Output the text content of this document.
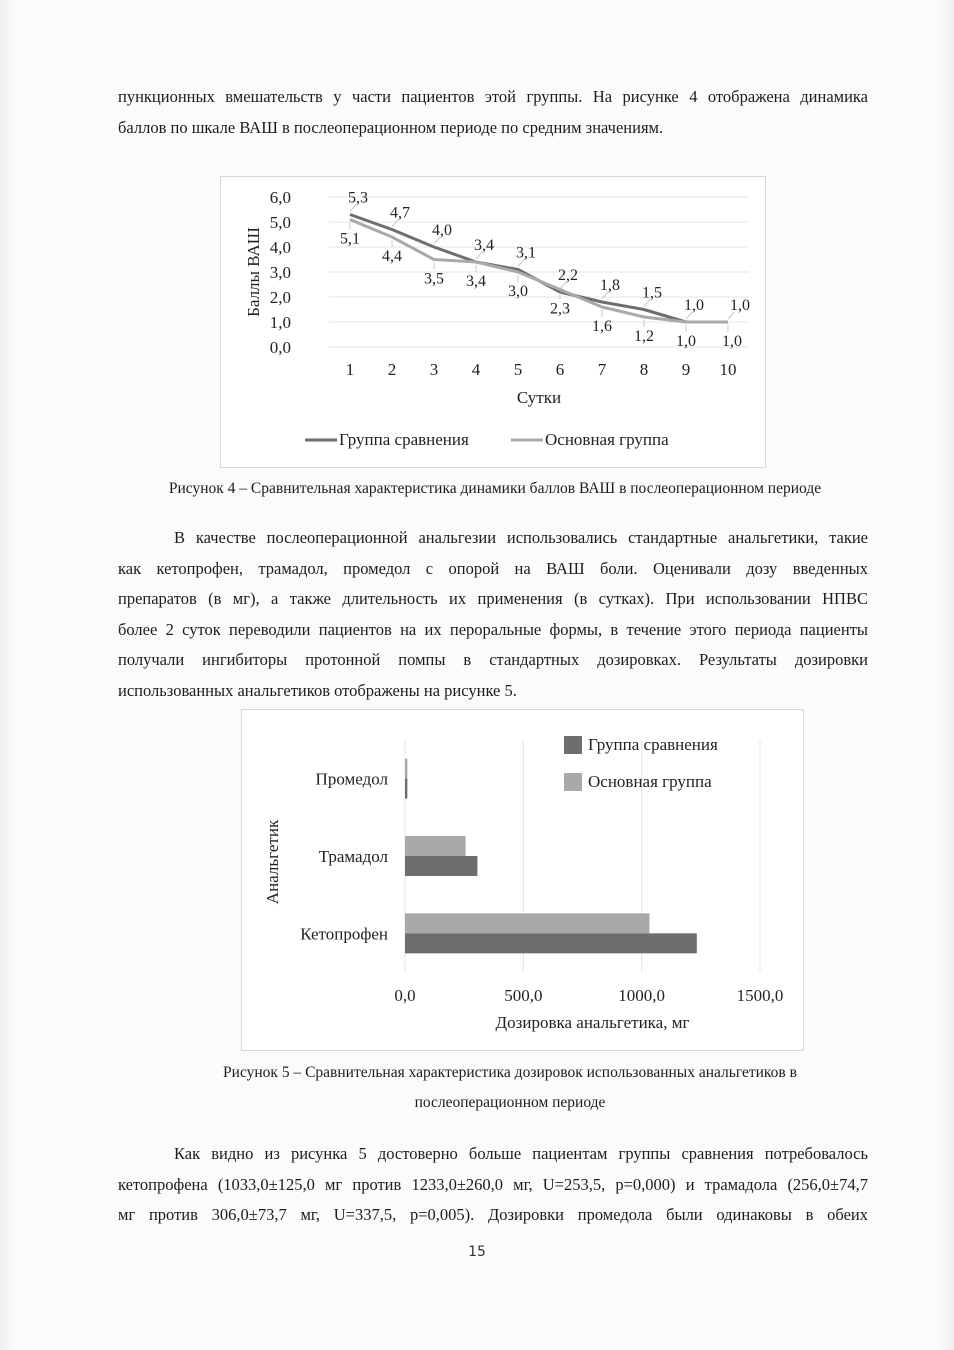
пункционных вмешательств у части пациентов этой группы. На рисунке 4 отображена динамика
баллов по шкале ВАШ в послеоперационном периоде по средним значениям.
0,0
1,0
2,0
3,0
4,0
5,0
6,0
1 2 3 4 5 6 7 8 9 10
Сутки
Баллы ВАШ
5,3
4,7
4,0
3,4 3,1
2,2
1,8 1,5
1,0 1,0
5,1
4,4
3,5 3,4
3,0
2,3
1,6
1,2 1,0 1,0
Группа сравнения	Основная группа
Рисунок 4 – Сравнительная характеристика динамики баллов ВАШ в послеоперационном периоде
В качестве послеоперационной анальгезии использовались стандартные анальгетики, такие
как кетопрофен, трамадол, промедол с опорой на ВАШ боли. Оценивали дозу введенных
препаратов (в мг), а также длительность их применения (в сутках). При использовании НПВС
более 2 суток переводили пациентов на их пероральные формы, в течение этого периода пациенты
получали ингибиторы протонной помпы в стандартных дозировках. Результаты дозировки
использованных анальгетиков отображены на рисунке 5.
0,0	500,0	1000,0	1500,0
Дозировка анальгетика, мг
Анальгетик
Кетопрофен
Трамадол
Промедол
Группа сравнения
Основная группа
Рисунок 5 – Сравнительная характеристика дозировок использованных анальгетиков в
послеоперационном периоде
Как видно из рисунка 5 достоверно больше пациентам группы сравнения потребовалось
кетопрофена (1033,0±125,0 мг против 1233,0±260,0 мг, U=253,5, p=0,000) и трамадола (256,0±74,7
мг против 306,0±73,7 мг, U=337,5, p=0,005). Дозировки промедола были одинаковы в обеих
15
